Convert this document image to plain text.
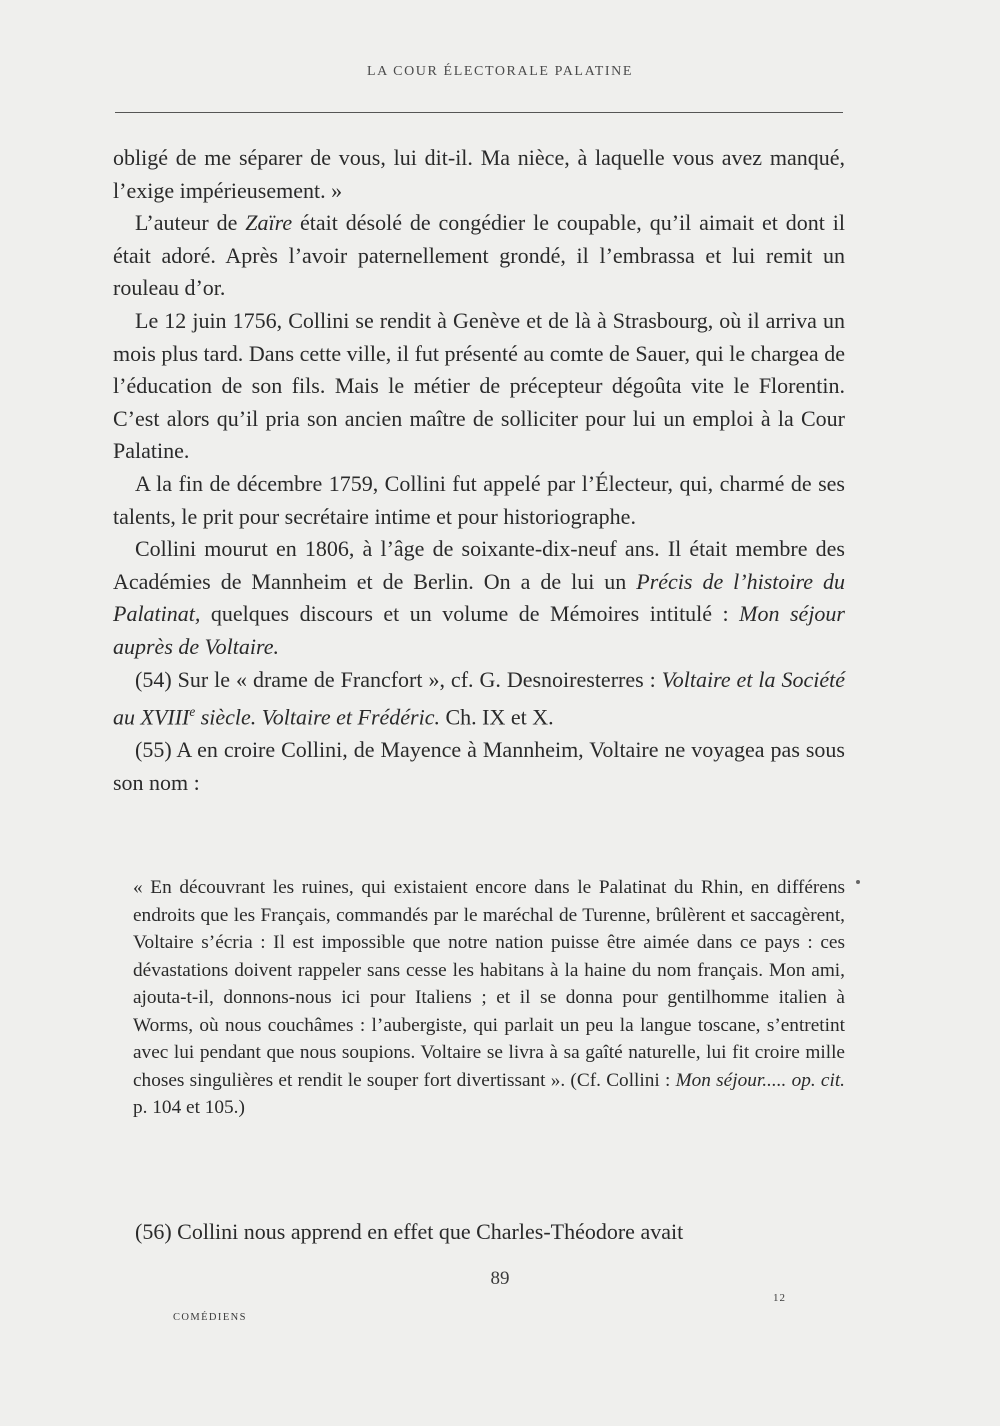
LA COUR ÉLECTORALE PALATINE

obligé de me séparer de vous, lui dit-il. Ma nièce, à laquelle vous avez manqué, l’exige impérieusement. »

L’auteur de Zaïre était désolé de congédier le coupable, qu’il aimait et dont il était adoré. Après l’avoir paternellement grondé, il l’embrassa et lui remit un rouleau d’or.

Le 12 juin 1756, Collini se rendit à Genève et de là à Strasbourg, où il arriva un mois plus tard. Dans cette ville, il fut présenté au comte de Sauer, qui le chargea de l’éducation de son fils. Mais le métier de précepteur dégoûta vite le Florentin. C’est alors qu’il pria son ancien maître de solliciter pour lui un emploi à la Cour Palatine.

A la fin de décembre 1759, Collini fut appelé par l’Électeur, qui, charmé de ses talents, le prit pour secrétaire intime et pour historiographe.

Collini mourut en 1806, à l’âge de soixante-dix-neuf ans. Il était membre des Académies de Mannheim et de Berlin. On a de lui un Précis de l’histoire du Palatinat, quelques discours et un volume de Mémoires intitulé : Mon séjour auprès de Voltaire.

(54) Sur le « drame de Francfort », cf. G. Desnoiresterres : Voltaire et la Société au XVIIIe siècle. Voltaire et Frédéric. Ch. IX et X.

(55) A en croire Collini, de Mayence à Mannheim, Voltaire ne voyagea pas sous son nom :

« En découvrant les ruines, qui existaient encore dans le Palatinat du Rhin, en différens endroits que les Français, commandés par le maréchal de Turenne, brûlèrent et saccagèrent, Voltaire s’écria : Il est impossible que notre nation puisse être aimée dans ce pays : ces dévastations doivent rappeler sans cesse les habitans à la haine du nom français. Mon ami, ajouta-t-il, donnons-nous ici pour Italiens ; et il se donna pour gentilhomme italien à Worms, où nous couchâmes : l’aubergiste, qui parlait un peu la langue toscane, s’entretint avec lui pendant que nous soupions. Voltaire se livra à sa gaîté naturelle, lui fit croire mille choses singulières et rendit le souper fort divertissant ». (Cf. Collini : Mon séjour..... op. cit. p. 104 et 105.)

(56) Collini nous apprend en effet que Charles-Théodore avait

89
12
COMÉDIENS
